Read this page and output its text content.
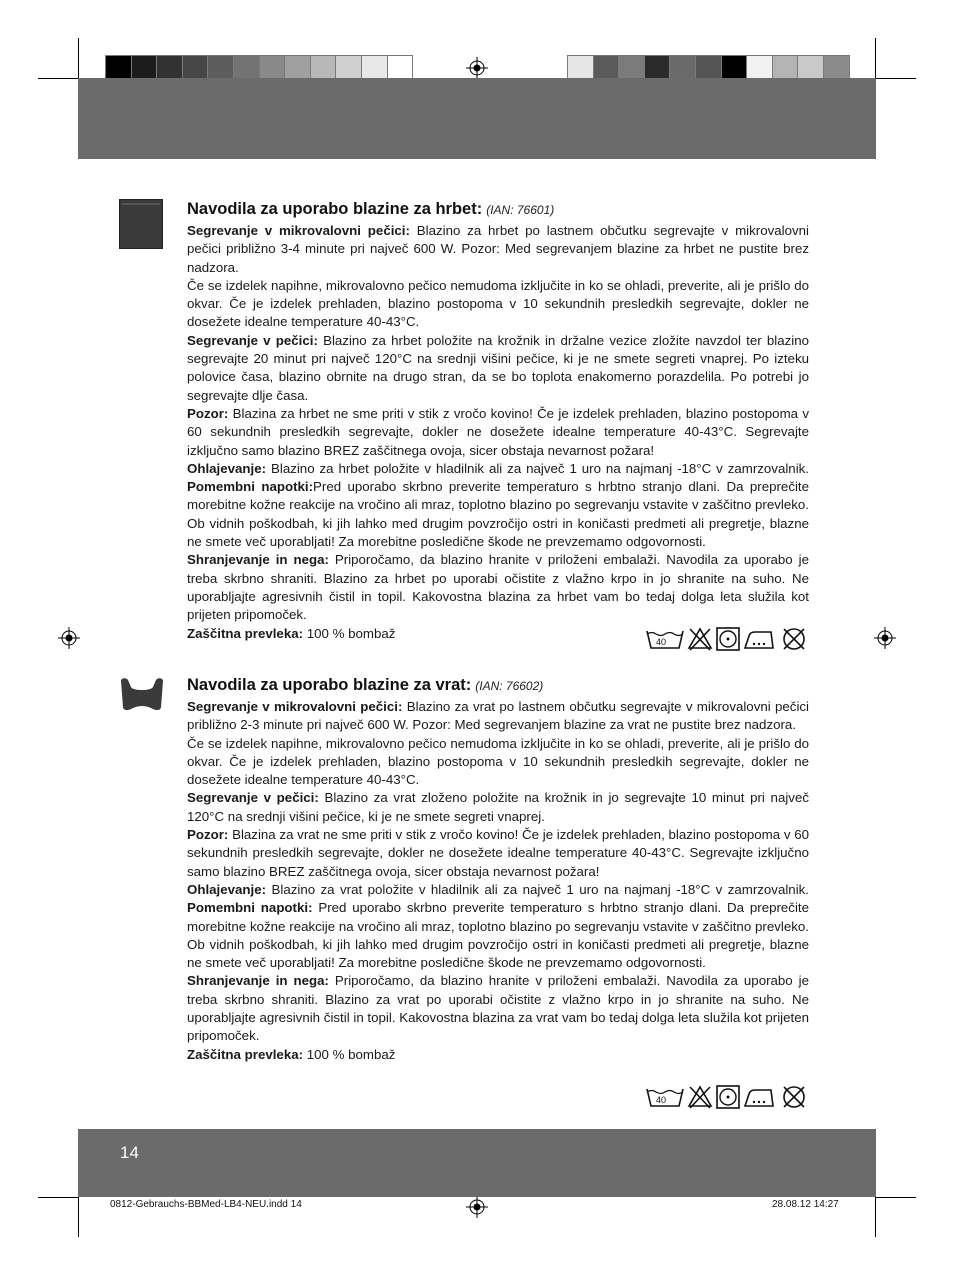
Navodila za uporabo blazine za hrbet: (IAN: 76601)

Segrevanje v mikrovalovni pečici: Blazino za hrbet po lastnem občutku segrevajte v mikrovalovni pečici približno 3-4 minute pri največ 600 W. Pozor: Med segrevanjem blazine za hrbet ne pustite brez nadzora.

Če se izdelek napihne, mikrovalovno pečico nemudoma izključite in ko se ohladi, preverite, ali je prišlo do okvar. Če je izdelek prehladen, blazino postopoma v 10 sekundnih presledkih segrevajte, dokler ne dosežete idealne temperature 40-43°C.

Segrevanje v pečici: Blazino za hrbet položite na krožnik in držalne vezice zložite navzdol ter blazino segrevajte 20 minut pri največ 120°C na srednji višini pečice, ki je ne smete segreti vnaprej. Po izteku polovice časa, blazino obrnite na drugo stran, da se bo toplota enakomerno porazdelila. Po potrebi jo segrevajte dlje časa.

Pozor: Blazina za hrbet ne sme priti v stik z vročo kovino! Če je izdelek prehladen, blazino postopoma v 60 sekundnih presledkih segrevajte, dokler ne dosežete idealne temperature 40-43°C. Segrevajte izključno samo blazino BREZ zaščitnega ovoja, sicer obstaja nevarnost požara!

Ohlajevanje: Blazino za hrbet položite v hladilnik ali za največ 1 uro na najmanj -18°C v zamrzovalnik. Pomembni napotki:Pred uporabo skrbno preverite temperaturo s hrbtno stranjo dlani. Da preprečite morebitne kožne reakcije na vročino ali mraz, toplotno blazino po segrevanju vstavite v zaščitno prevleko. Ob vidnih poškodbah, ki jih lahko med drugim povzročijo ostri in koničasti predmeti ali pregretje, blazne ne smete več uporabljati! Za morebitne posledične škode ne prevzemamo odgovornosti.

Shranjevanje in nega: Priporočamo, da blazino hranite v priloženi embalaži. Navodila za uporabo je treba skrbno shraniti. Blazino za hrbet po uporabi očistite z vlažno krpo in jo shranite na suho. Ne uporabljajte agresivnih čistil in topil. Kakovostna blazina za hrbet vam bo tedaj dolga leta služila kot prijeten pripomoček.

Zaščitna prevleka: 100 % bombaž

40
Navodila za uporabo blazine za vrat: (IAN: 76602)

Segrevanje v mikrovalovni pečici: Blazino za vrat po lastnem občutku segrevajte v mikrovalovni pečici približno 2-3 minute pri največ 600 W. Pozor: Med segrevanjem blazine za vrat ne pustite brez nadzora.

Če se izdelek napihne, mikrovalovno pečico nemudoma izključite in ko se ohladi, preverite, ali je prišlo do okvar. Če je izdelek prehladen, blazino postopoma v 10 sekundnih presledkih segrevajte, dokler ne dosežete idealne temperature 40-43°C.

Segrevanje v pečici: Blazino za vrat zloženo položite na krožnik in jo segrevajte 10 minut pri največ 120°C na srednji višini pečice, ki je ne smete segreti vnaprej.

Pozor: Blazina za vrat ne sme priti v stik z vročo kovino! Če je izdelek prehladen, blazino postopoma v 60 sekundnih presledkih segrevajte, dokler ne dosežete idealne temperature 40-43°C. Segrevajte izključno samo blazino BREZ zaščitnega ovoja, sicer obstaja nevarnost požara!

Ohlajevanje: Blazino za vrat položite v hladilnik ali za največ 1 uro na najmanj -18°C v zamrzovalnik. Pomembni napotki: Pred uporabo skrbno preverite temperaturo s hrbtno stranjo dlani. Da preprečite morebitne kožne reakcije na vročino ali mraz, toplotno blazino po segrevanju vstavite v zaščitno prevleko. Ob vidnih poškodbah, ki jih lahko med drugim povzročijo ostri in koničasti predmeti ali pregretje, blazne ne smete več uporabljati! Za morebitne posledične škode ne prevzemamo odgovornosti.

Shranjevanje in nega: Priporočamo, da blazino hranite v priloženi embalaži. Navodila za uporabo je treba skrbno shraniti. Blazino za vrat po uporabi očistite z vlažno krpo in jo shranite na suho. Ne uporabljajte agresivnih čistil in topil. Kakovostna blazina za vrat vam bo tedaj dolga leta služila kot prijeten pripomoček.

Zaščitna prevleka: 100 % bombaž

40
14
0812-Gebrauchs-BBMed-LB4-NEU.indd 14	28.08.12 14:27
